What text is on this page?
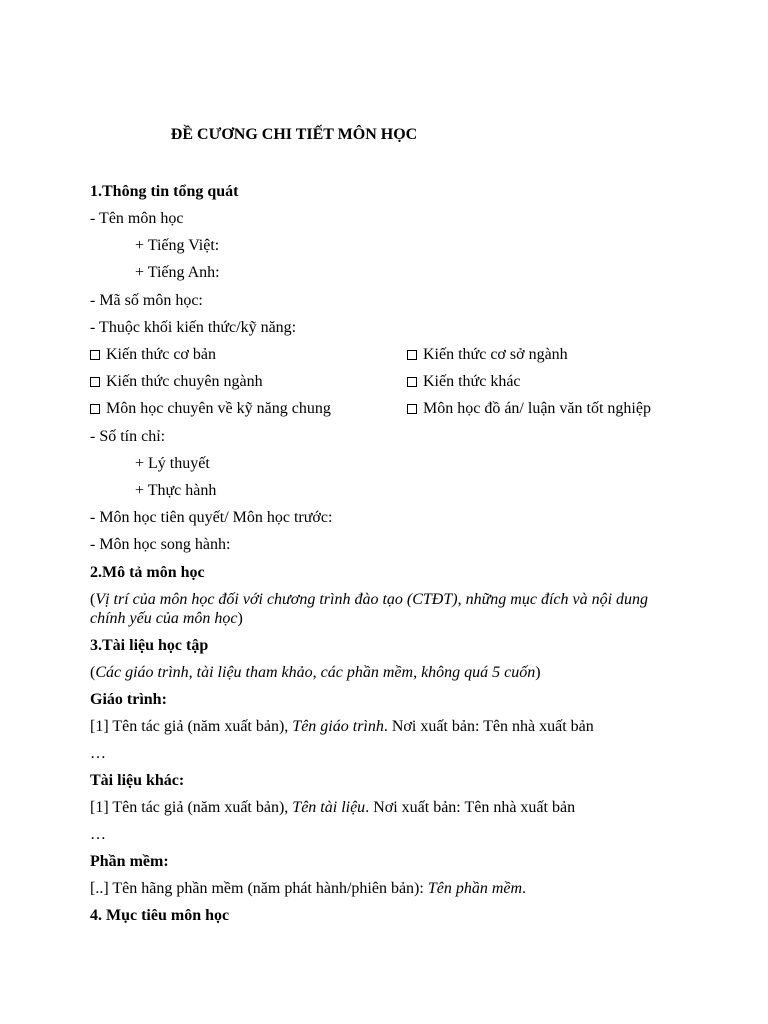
ĐỀ CƯƠNG CHI TIẾT MÔN HỌC
1.Thông tin tổng quát
- Tên môn học
+ Tiếng Việt:
+ Tiếng Anh:
- Mã số môn học:
- Thuộc khối kiến thức/kỹ năng:
Kiến thức cơ bản	Kiến thức cơ sở ngành
Kiến thức chuyên ngành	Kiến thức khác
Môn học chuyên về kỹ năng chung	Môn học đồ án/ luận văn tốt nghiệp
- Số tín chỉ:
+ Lý thuyết
+ Thực hành
- Môn học tiên quyết/ Môn học trước:
- Môn học song hành:
2.Mô tả môn học
(Vị trí của môn học đối với chương trình đào tạo (CTĐT), những mục đích và nội dung chính yếu của môn học)
3.Tài liệu học tập
(Các giáo trình, tài liệu tham khảo, các phần mềm, không quá 5 cuốn)
Giáo trình:
[1] Tên tác giả (năm xuất bản), Tên giáo trình. Nơi xuất bản: Tên nhà xuất bản
…
Tài liệu khác:
[1] Tên tác giả (năm xuất bản), Tên tài liệu. Nơi xuất bản: Tên nhà xuất bản
…
Phần mềm:
[..] Tên hãng phần mềm (năm phát hành/phiên bản): Tên phần mềm.
4. Mục tiêu môn học
